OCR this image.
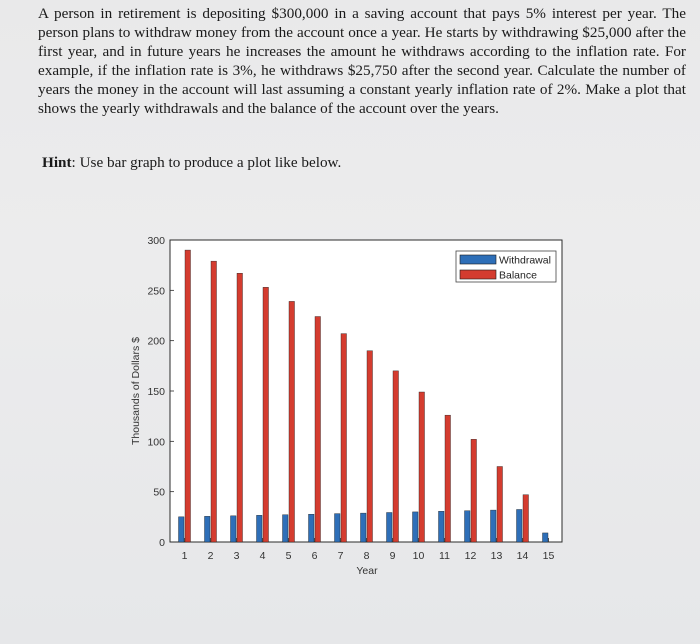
A person in retirement is depositing $300,000 in a saving account that pays 5% interest per year. The person plans to withdraw money from the account once a year. He starts by withdrawing $25,000 after the first year, and in future years he increases the amount he withdraws according to the inflation rate. For example, if the inflation rate is 3%, he withdraws $25,750 after the second year. Calculate the number of years the money in the account will last assuming a constant yearly inflation rate of 2%. Make a plot that shows the yearly withdrawals and the balance of the account over the years.
Hint: Use bar graph to produce a plot like below.
0
50
100
150
200
250
300
1 2 3 4 5 6 7 8 9 10 11 12 13 14 15
Year
Thousands of Dollars $
Withdrawal
Balance
